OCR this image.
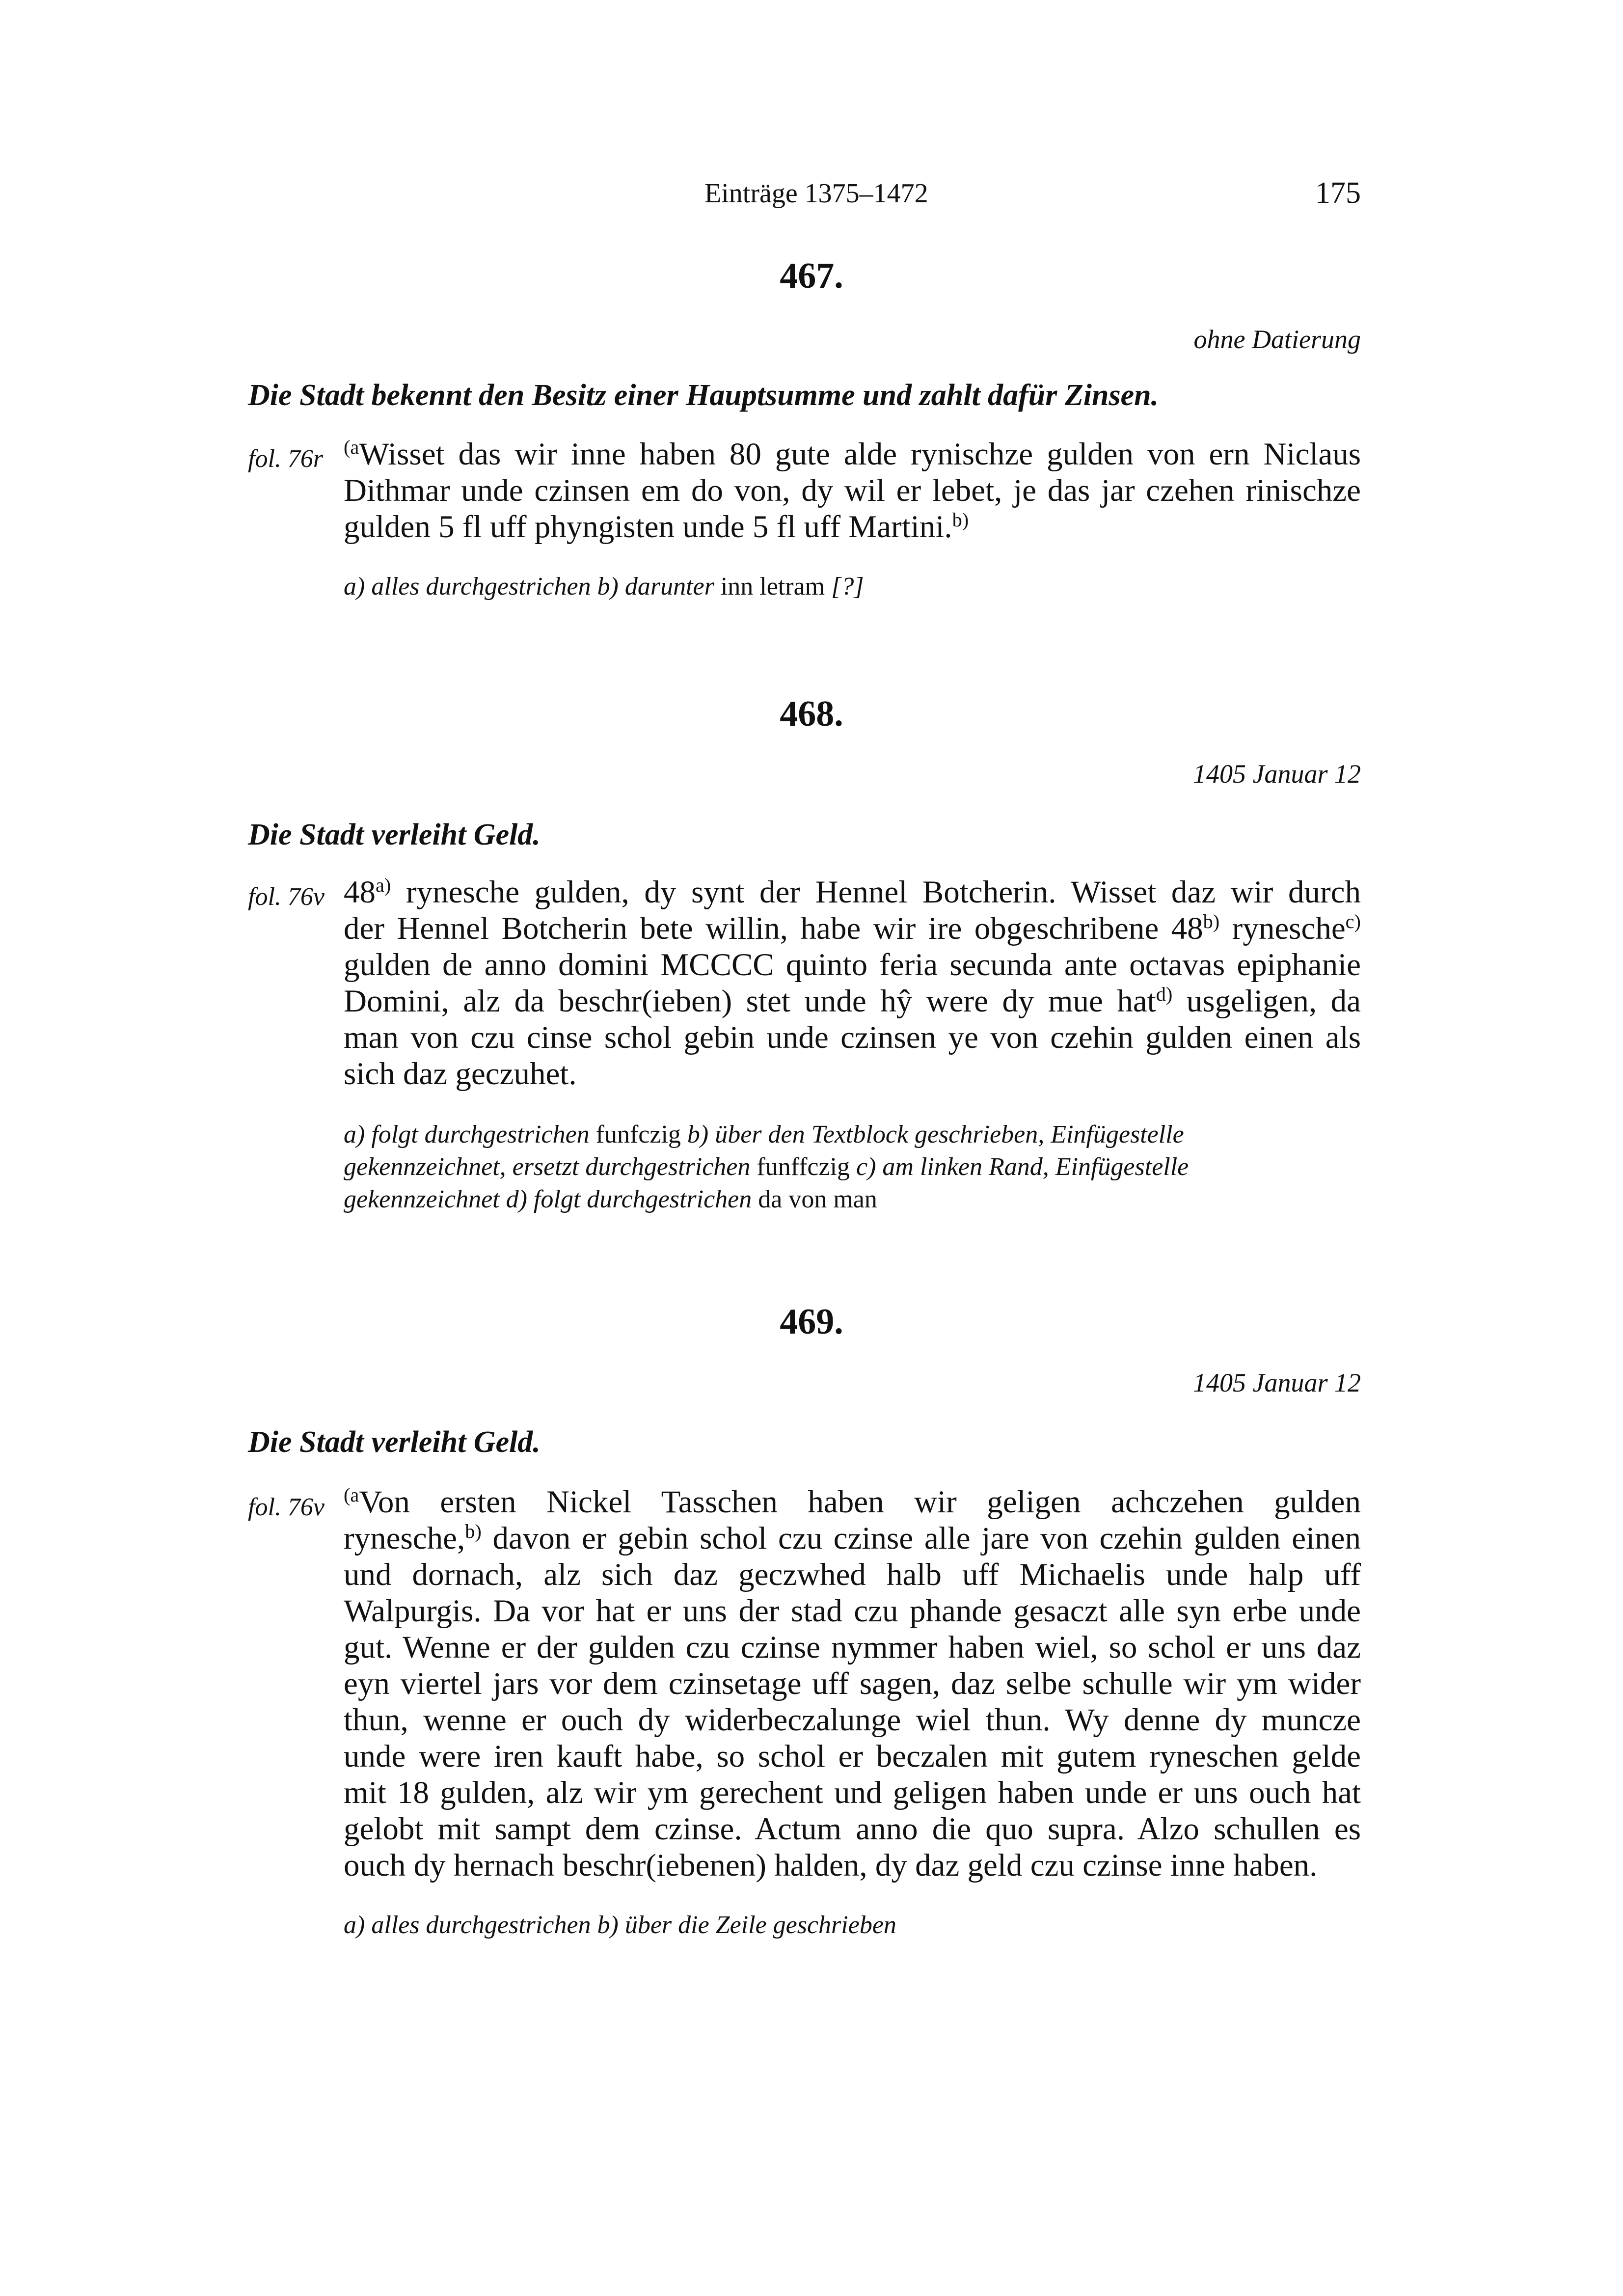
Einträge 1375–1472	175
467.
ohne Datierung
Die Stadt bekennt den Besitz einer Hauptsumme und zahlt dafür Zinsen.
fol. 76r $^{(a}$Wisset das wir inne haben 80 gute alde rynischze gulden von ern Niclaus
Dithmar unde czinsen em do von, dy wil er lebet, je das jar czehen rinischze
gulden 5 fl uff phyngisten unde 5 fl uff Martini.$^{b)}$
a) alles durchgestrichen b) darunter inn letram [?]
468.
1405 Januar 12
Die Stadt verleiht Geld.
fol. 76v 48$^{a)}$ rynesche gulden, dy synt der Hennel Botcherin. Wisset daz wir durch
der Hennel Botcherin bete willin, habe wir ire obgeschribene 48$^{b)}$ rynesche$^{c)}$
gulden de anno domini MCCCC quinto feria secunda ante octavas epiphanie
Domini, alz da beschr(ieben) stet unde hŷ were dy mue hat$^{d)}$ usgeligen, da
man von czu cinse schol gebin unde czinsen ye von czehin gulden einen als
sich daz geczuhet.
a) folgt durchgestrichen funfczig b) über den Textblock geschrieben, Einfügestelle
gekennzeichnet, ersetzt durchgestrichen funffczig c) am linken Rand, Einfügestelle
gekennzeichnet d) folgt durchgestrichen da von man
469.
1405 Januar 12
Die Stadt verleiht Geld.
fol. 76v $^{(a}$Von ersten Nickel Tasschen haben wir geligen achczehen gulden
rynesche,$^{b)}$ davon er gebin schol czu czinse alle jare von czehin gulden einen
und dornach, alz sich daz geczwhed halb uff Michaelis unde halp uff
Walpurgis. Da vor hat er uns der stad czu phande gesaczt alle syn erbe unde
gut. Wenne er der gulden czu czinse nymmer haben wiel, so schol er uns daz
eyn viertel jars vor dem czinsetage uff sagen, daz selbe schulle wir ym wider
thun, wenne er ouch dy widerbeczalunge wiel thun. Wy denne dy muncze
unde were iren kauft habe, so schol er beczalen mit gutem ryneschen gelde
mit 18 gulden, alz wir ym gerechent und geligen haben unde er uns ouch hat
gelobt mit sampt dem czinse. Actum anno die quo supra. Alzo schullen es
ouch dy hernach beschr(iebenen) halden, dy daz geld czu czinse inne haben.
a) alles durchgestrichen b) über die Zeile geschrieben
